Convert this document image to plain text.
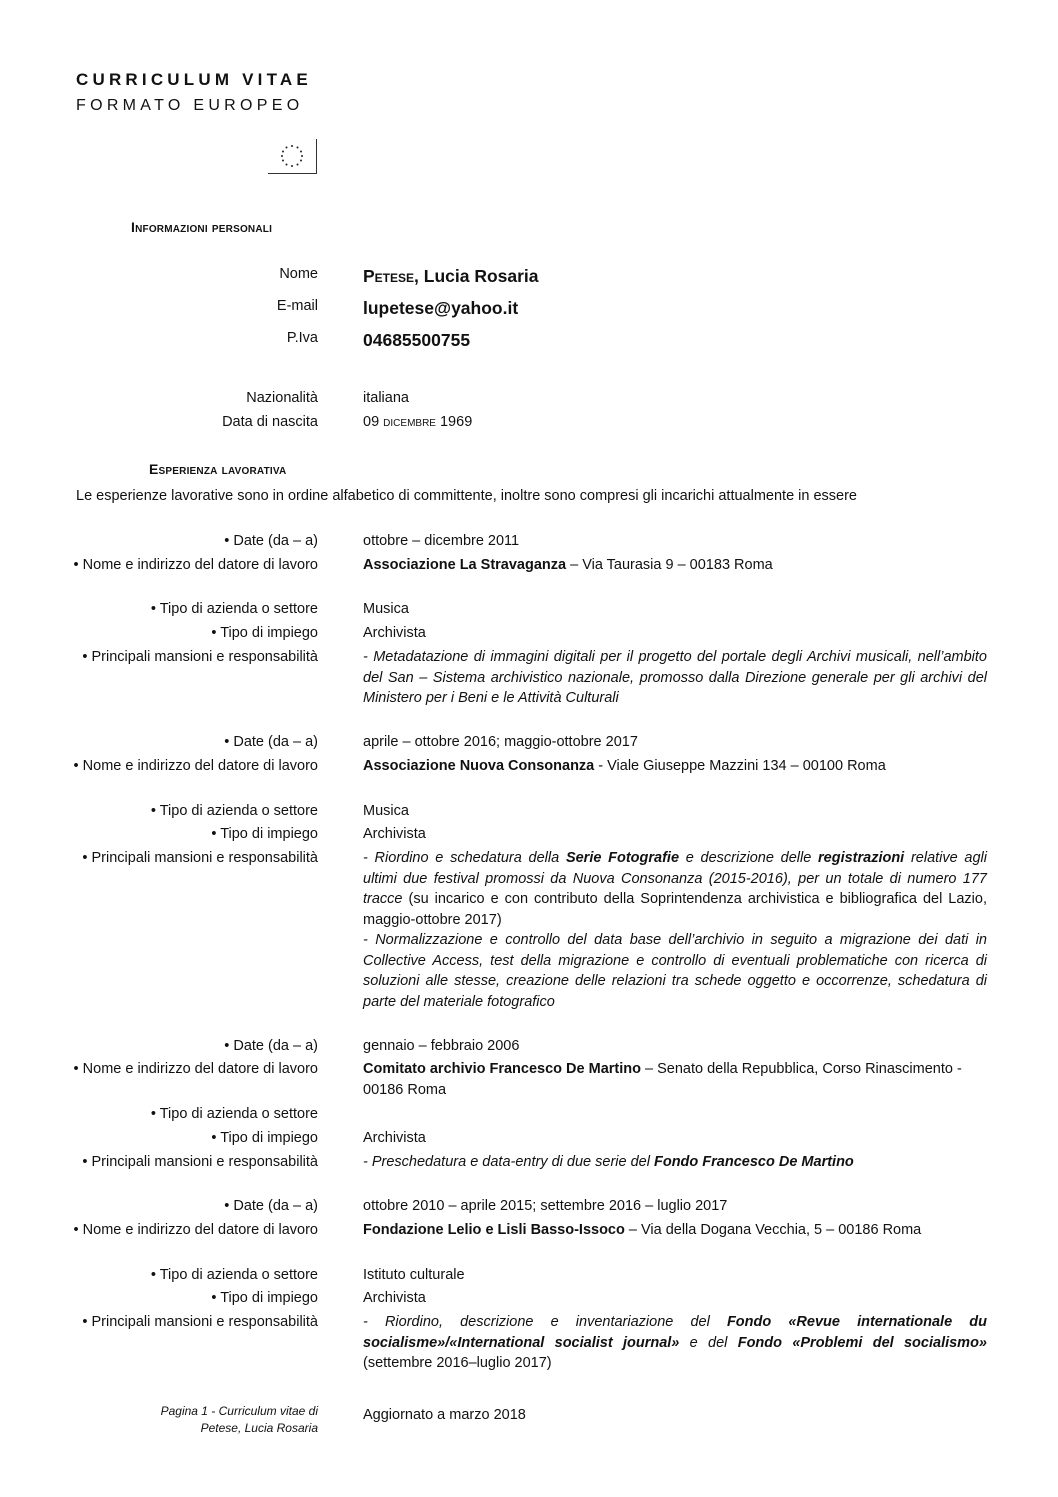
CURRICULUM VITAE
FORMATO EUROPEO
Informazioni personali
Nome	Petese, Lucia Rosaria
E-mail	lupetese@yahoo.it
P.Iva	04685500755
Nazionalità	italiana
Data di nascita	09 dicembre 1969
Esperienza lavorativa
Le esperienze lavorative sono in ordine alfabetico di committente, inoltre sono compresi gli incarichi attualmente in essere
• Date (da – a)	ottobre – dicembre 2011
• Nome e indirizzo del datore di lavoro	Associazione La Stravaganza – Via Taurasia 9 – 00183 Roma
• Tipo di azienda o settore	Musica
• Tipo di impiego	Archivista
• Principali mansioni e responsabilità	- Metadatazione di immagini digitali per il progetto del portale degli Archivi musicali, nell’ambito del San – Sistema archivistico nazionale, promosso dalla Direzione generale per gli archivi del Ministero per i Beni e le Attività Culturali
• Date (da – a)	aprile – ottobre 2016; maggio-ottobre 2017
• Nome e indirizzo del datore di lavoro	Associazione Nuova Consonanza - Viale Giuseppe Mazzini 134 – 00100 Roma
• Tipo di azienda o settore	Musica
• Tipo di impiego	Archivista
• Principali mansioni e responsabilità	- Riordino e schedatura della Serie Fotografie e descrizione delle registrazioni relative agli ultimi due festival promossi da Nuova Consonanza (2015-2016), per un totale di numero 177 tracce (su incarico e con contributo della Soprintendenza archivistica e bibliografica del Lazio, maggio-ottobre 2017)
- Normalizzazione e controllo del data base dell’archivio in seguito a migrazione dei dati in Collective Access, test della migrazione e controllo di eventuali problematiche con ricerca di soluzioni alle stesse, creazione delle relazioni tra schede oggetto e occorrenze, schedatura di parte del materiale fotografico
• Date (da – a)	gennaio – febbraio 2006
• Nome e indirizzo del datore di lavoro	Comitato archivio Francesco De Martino – Senato della Repubblica, Corso Rinascimento - 00186 Roma
• Tipo di azienda o settore
• Tipo di impiego	Archivista
• Principali mansioni e responsabilità	- Preschedatura e data-entry di due serie del Fondo Francesco De Martino
• Date (da – a)	ottobre 2010 – aprile 2015; settembre 2016 – luglio 2017
• Nome e indirizzo del datore di lavoro	Fondazione Lelio e Lisli Basso-Issoco – Via della Dogana Vecchia, 5 – 00186 Roma
• Tipo di azienda o settore	Istituto culturale
• Tipo di impiego	Archivista
• Principali mansioni e responsabilità	- Riordino, descrizione e inventariazione del Fondo «Revue internationale du socialisme»/«International socialist journal» e del Fondo «Problemi del socialismo»
(settembre 2016–luglio 2017)
Pagina 1 - Curriculum vitae di Petese, Lucia Rosaria
Aggiornato a marzo 2018
